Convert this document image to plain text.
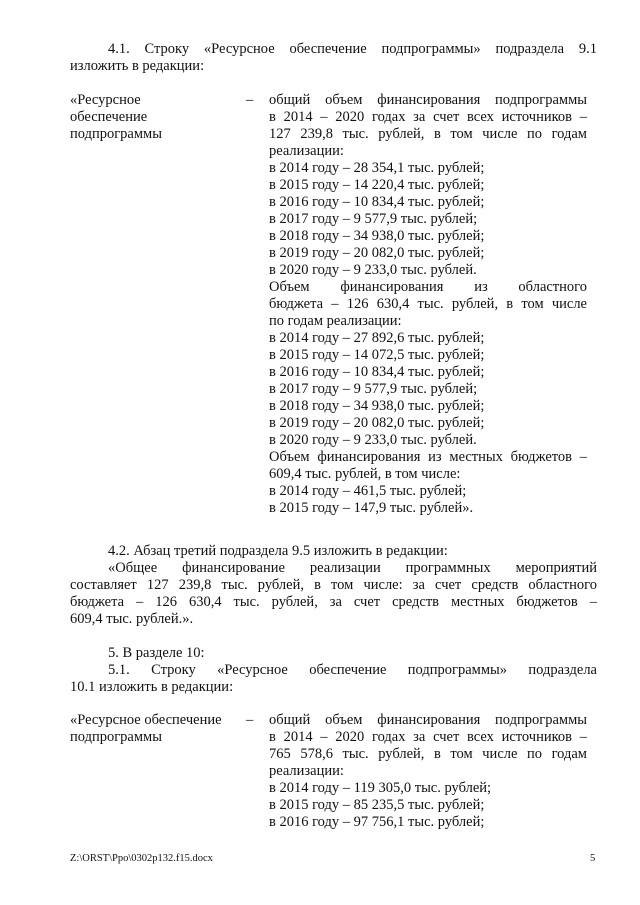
4.1. Строку «Ресурсное обеспечение подпрограммы» подраздела 9.1
изложить в редакции:
«Ресурсное
обеспечение
подпрограммы
– общий объем финансирования подпрограммы
в 2014 – 2020 годах за счет всех источников –
127 239,8 тыс. рублей, в том числе по годам
реализации:
в 2014 году – 28 354,1 тыс. рублей;
в 2015 году – 14 220,4 тыс. рублей;
в 2016 году – 10 834,4 тыс. рублей;
в 2017 году – 9 577,9 тыс. рублей;
в 2018 году – 34 938,0 тыс. рублей;
в 2019 году – 20 082,0 тыс. рублей;
в 2020 году – 9 233,0 тыс. рублей.
Объем финансирования из областного
бюджета – 126 630,4 тыс. рублей, в том числе
по годам реализации:
в 2014 году – 27 892,6 тыс. рублей;
в 2015 году – 14 072,5 тыс. рублей;
в 2016 году – 10 834,4 тыс. рублей;
в 2017 году – 9 577,9 тыс. рублей;
в 2018 году – 34 938,0 тыс. рублей;
в 2019 году – 20 082,0 тыс. рублей;
в 2020 году – 9 233,0 тыс. рублей.
Объем финансирования из местных бюджетов –
609,4 тыс. рублей, в том числе:
в 2014 году – 461,5 тыс. рублей;
в 2015 году – 147,9 тыс. рублей».
4.2. Абзац третий подраздела 9.5 изложить в редакции:
«Общее финансирование реализации программных мероприятий
составляет 127 239,8 тыс. рублей, в том числе: за счет средств областного
бюджета – 126 630,4 тыс. рублей, за счет средств местных бюджетов –
609,4 тыс. рублей.».
5. В разделе 10:
5.1. Строку «Ресурсное обеспечение подпрограммы» подраздела
10.1 изложить в редакции:
«Ресурсное обеспечение
подпрограммы
– общий объем финансирования подпрограммы
в 2014 – 2020 годах за счет всех источников –
765 578,6 тыс. рублей, в том числе по годам
реализации:
в 2014 году – 119 305,0 тыс. рублей;
в 2015 году – 85 235,5 тыс. рублей;
в 2016 году – 97 756,1 тыс. рублей;
Z:\ORST\Ppo\0302p132.f15.docx	5
